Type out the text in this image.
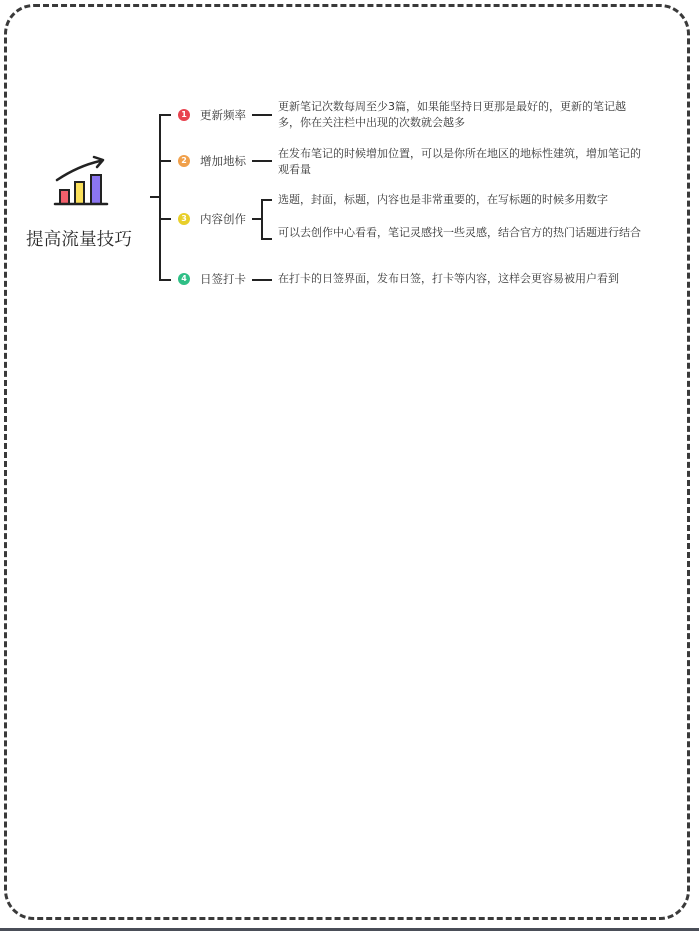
提高流量技巧
1 更新频率
更新笔记次数每周至少3篇，如果能坚持日更那是最好的，更新的笔记越多，你在关注栏中出现的次数就会越多
2 增加地标
在发布笔记的时候增加位置，可以是你所在地区的地标性建筑，增加笔记的观看量
3 内容创作
选题，封面，标题，内容也是非常重要的，在写标题的时候多用数字
可以去创作中心看看，笔记灵感找一些灵感，结合官方的热门话题进行结合
4 日签打卡	在打卡的日签界面，发布日签，打卡等内容，这样会更容易被用户看到
